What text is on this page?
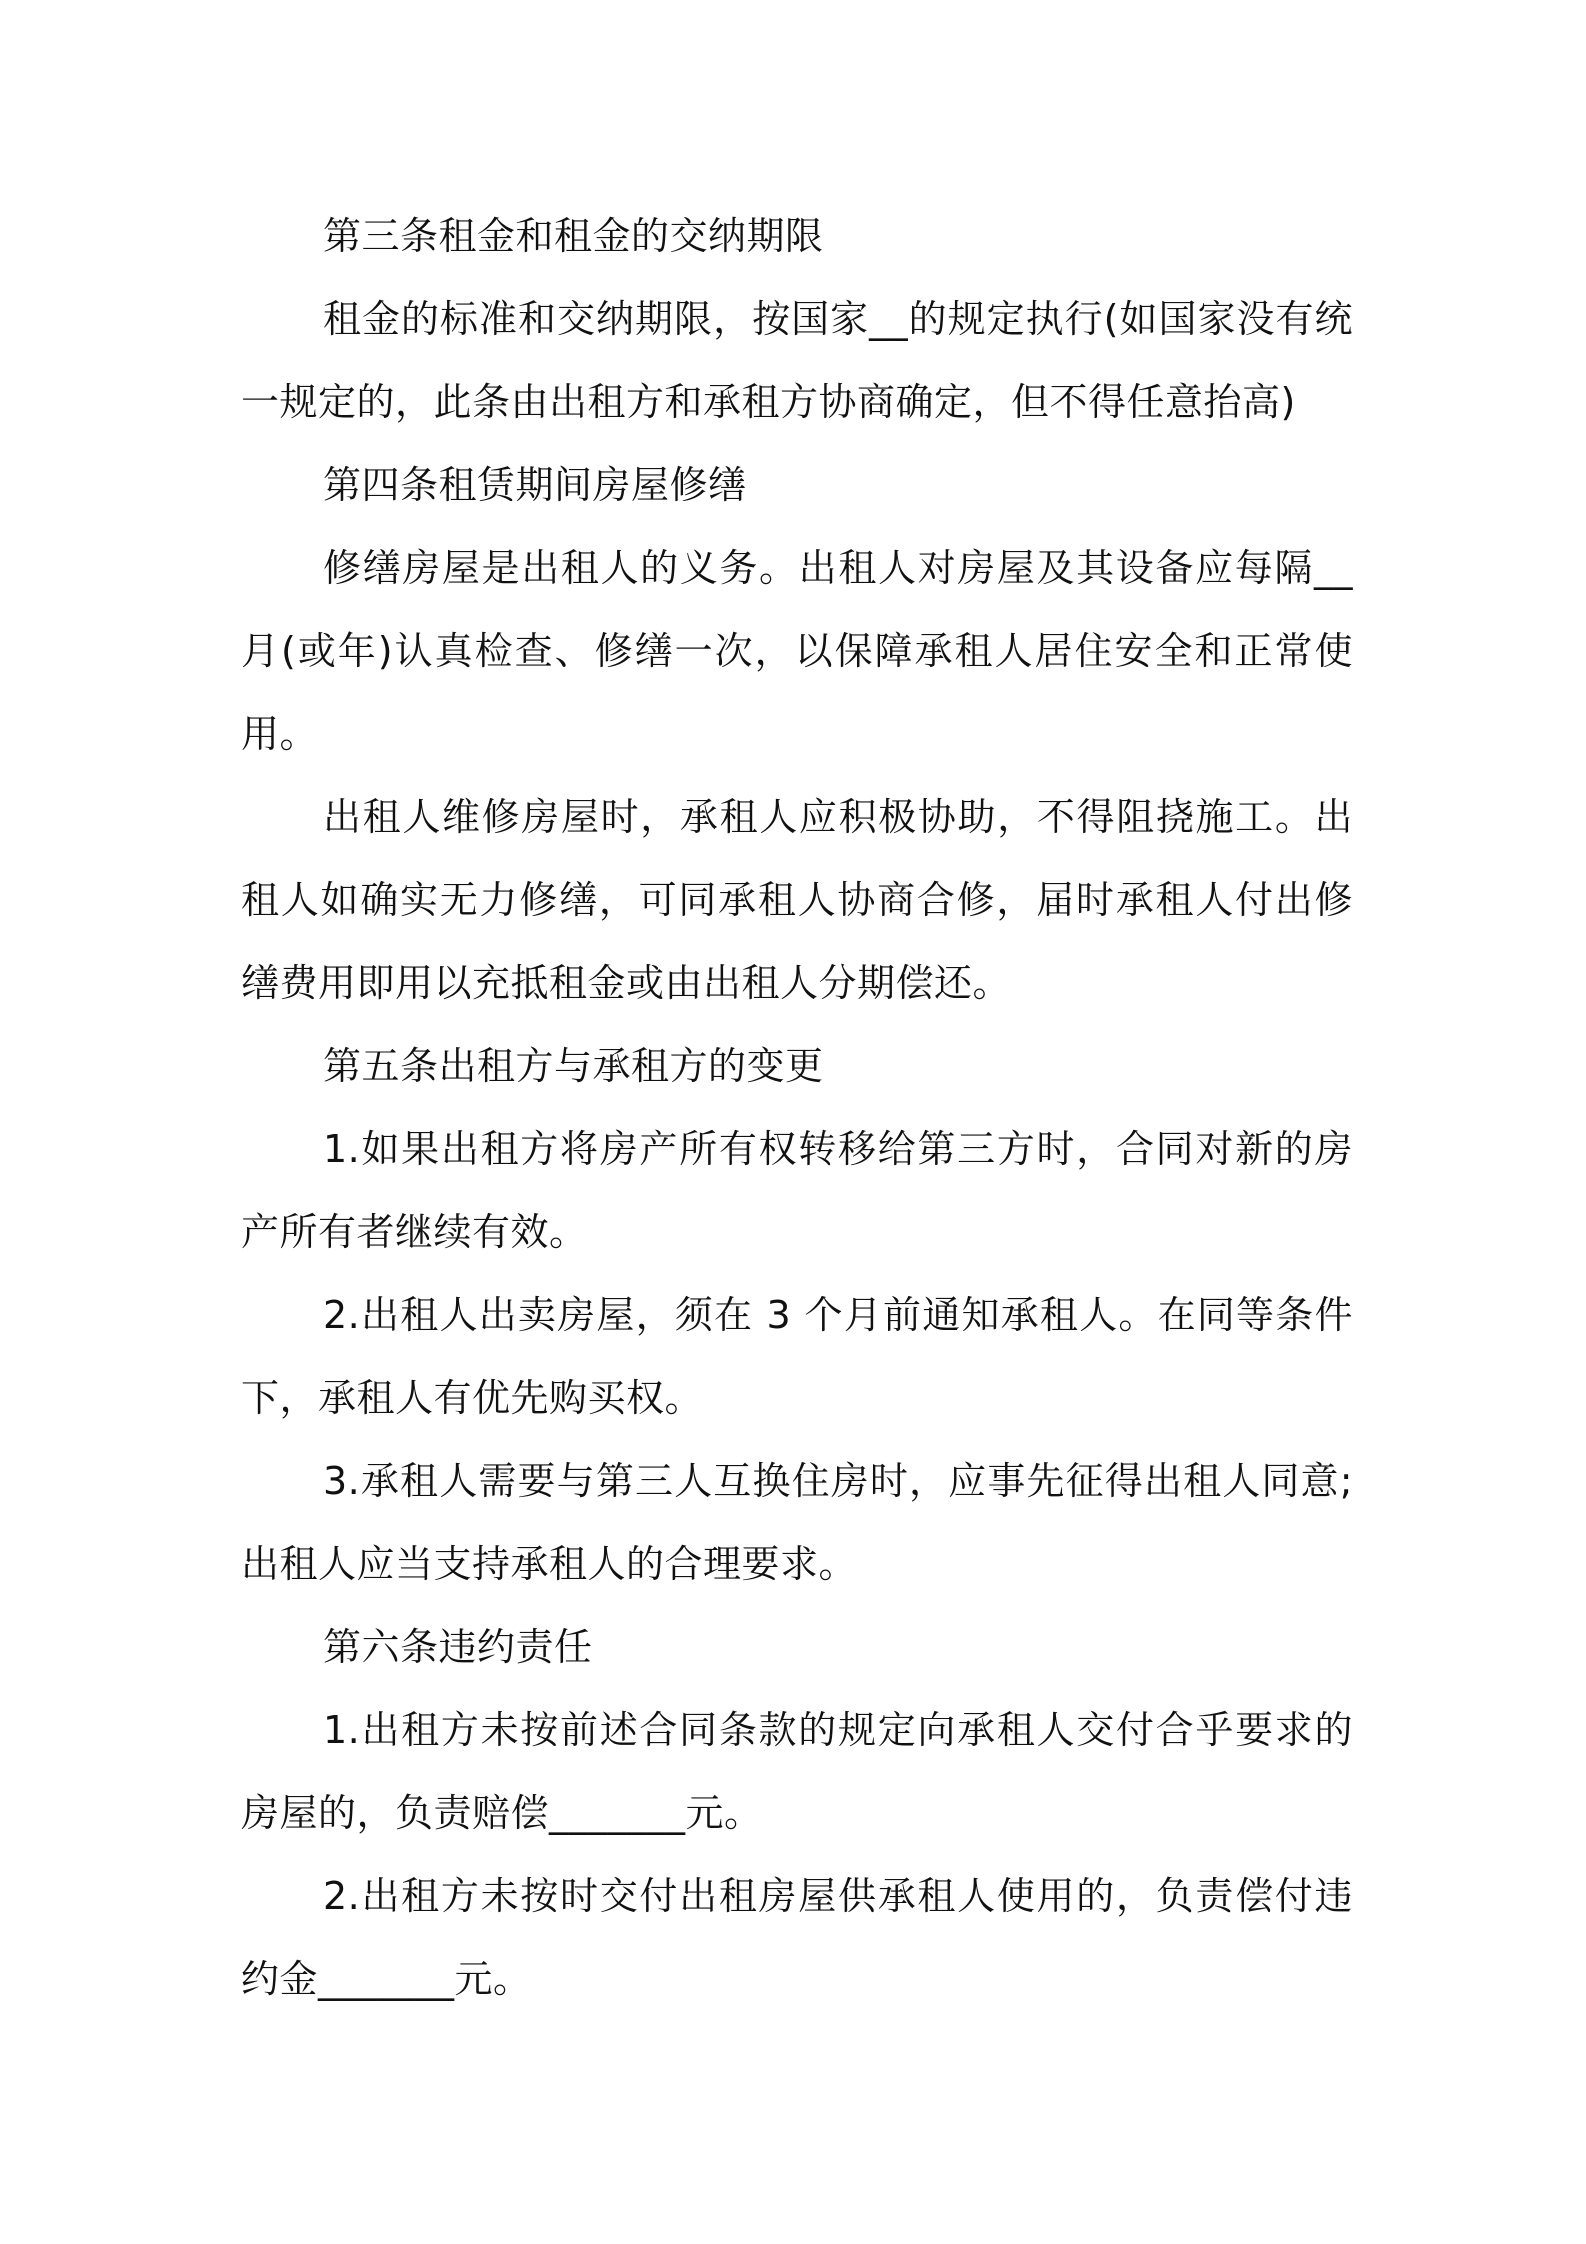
第三条租金和租金的交纳期限

租金的标准和交纳期限，按国家__的规定执行(如国家没有统一规定的，此条由出租方和承租方协商确定，但不得任意抬高)

第四条租赁期间房屋修缮

修缮房屋是出租人的义务。出租人对房屋及其设备应每隔__月(或年)认真检查、修缮一次，以保障承租人居住安全和正常使用。

出租人维修房屋时，承租人应积极协助，不得阻挠施工。出租人如确实无力修缮，可同承租人协商合修，届时承租人付出修缮费用即用以充抵租金或由出租人分期偿还。

第五条出租方与承租方的变更

1.如果出租方将房产所有权转移给第三方时，合同对新的房产所有者继续有效。

2.出租人出卖房屋，须在 3 个月前通知承租人。在同等条件下，承租人有优先购买权。

3.承租人需要与第三人互换住房时，应事先征得出租人同意;出租人应当支持承租人的合理要求。

第六条违约责任

1.出租方未按前述合同条款的规定向承租人交付合乎要求的房屋的，负责赔偿_______元。

2.出租方未按时交付出租房屋供承租人使用的，负责偿付违约金_______元。
